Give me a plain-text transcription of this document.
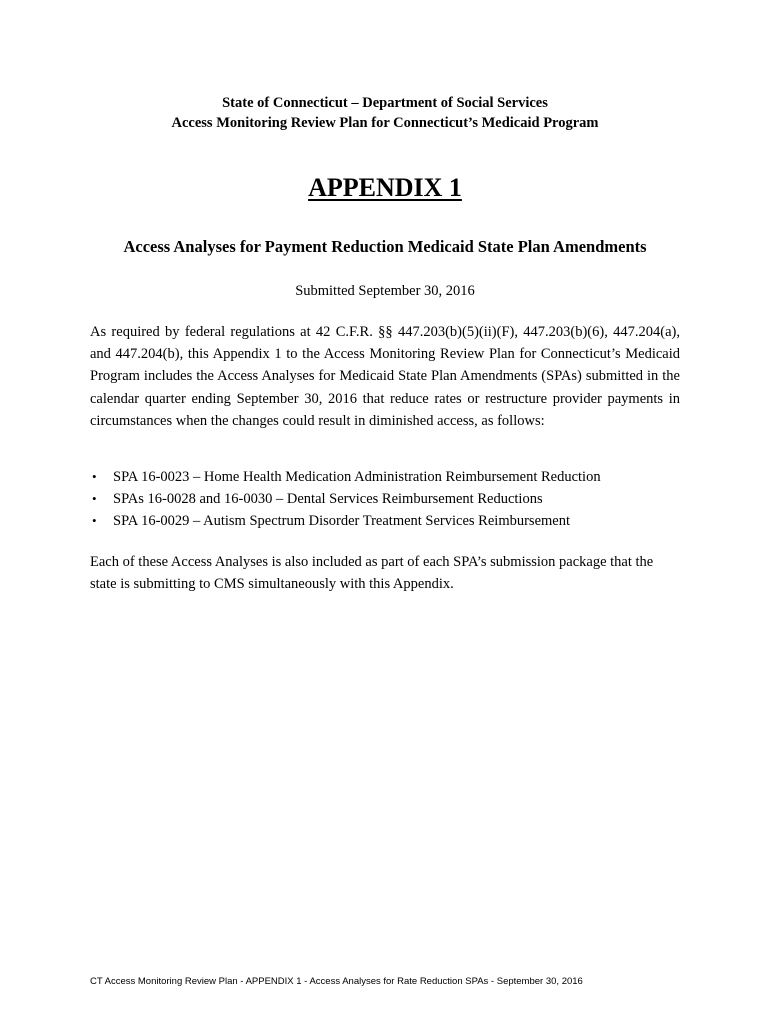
State of Connecticut – Department of Social Services
Access Monitoring Review Plan for Connecticut’s Medicaid Program
APPENDIX 1
Access Analyses for Payment Reduction Medicaid State Plan Amendments
Submitted September 30, 2016

As required by federal regulations at 42 C.F.R. §§ 447.203(b)(5)(ii)(F), 447.203(b)(6), 447.204(a), and 447.204(b), this Appendix 1 to the Access Monitoring Review Plan for Connecticut’s Medicaid Program includes the Access Analyses for Medicaid State Plan Amendments (SPAs) submitted in the calendar quarter ending September 30, 2016 that reduce rates or restructure provider payments in circumstances when the changes could result in diminished access, as follows:

• SPA 16-0023 – Home Health Medication Administration Reimbursement Reduction
• SPAs 16-0028 and 16-0030 – Dental Services Reimbursement Reductions
• SPA 16-0029 – Autism Spectrum Disorder Treatment Services Reimbursement

Each of these Access Analyses is also included as part of each SPA’s submission package that the state is submitting to CMS simultaneously with this Appendix.

CT Access Monitoring Review Plan - APPENDIX 1 - Access Analyses for Rate Reduction SPAs - September 30, 2016
